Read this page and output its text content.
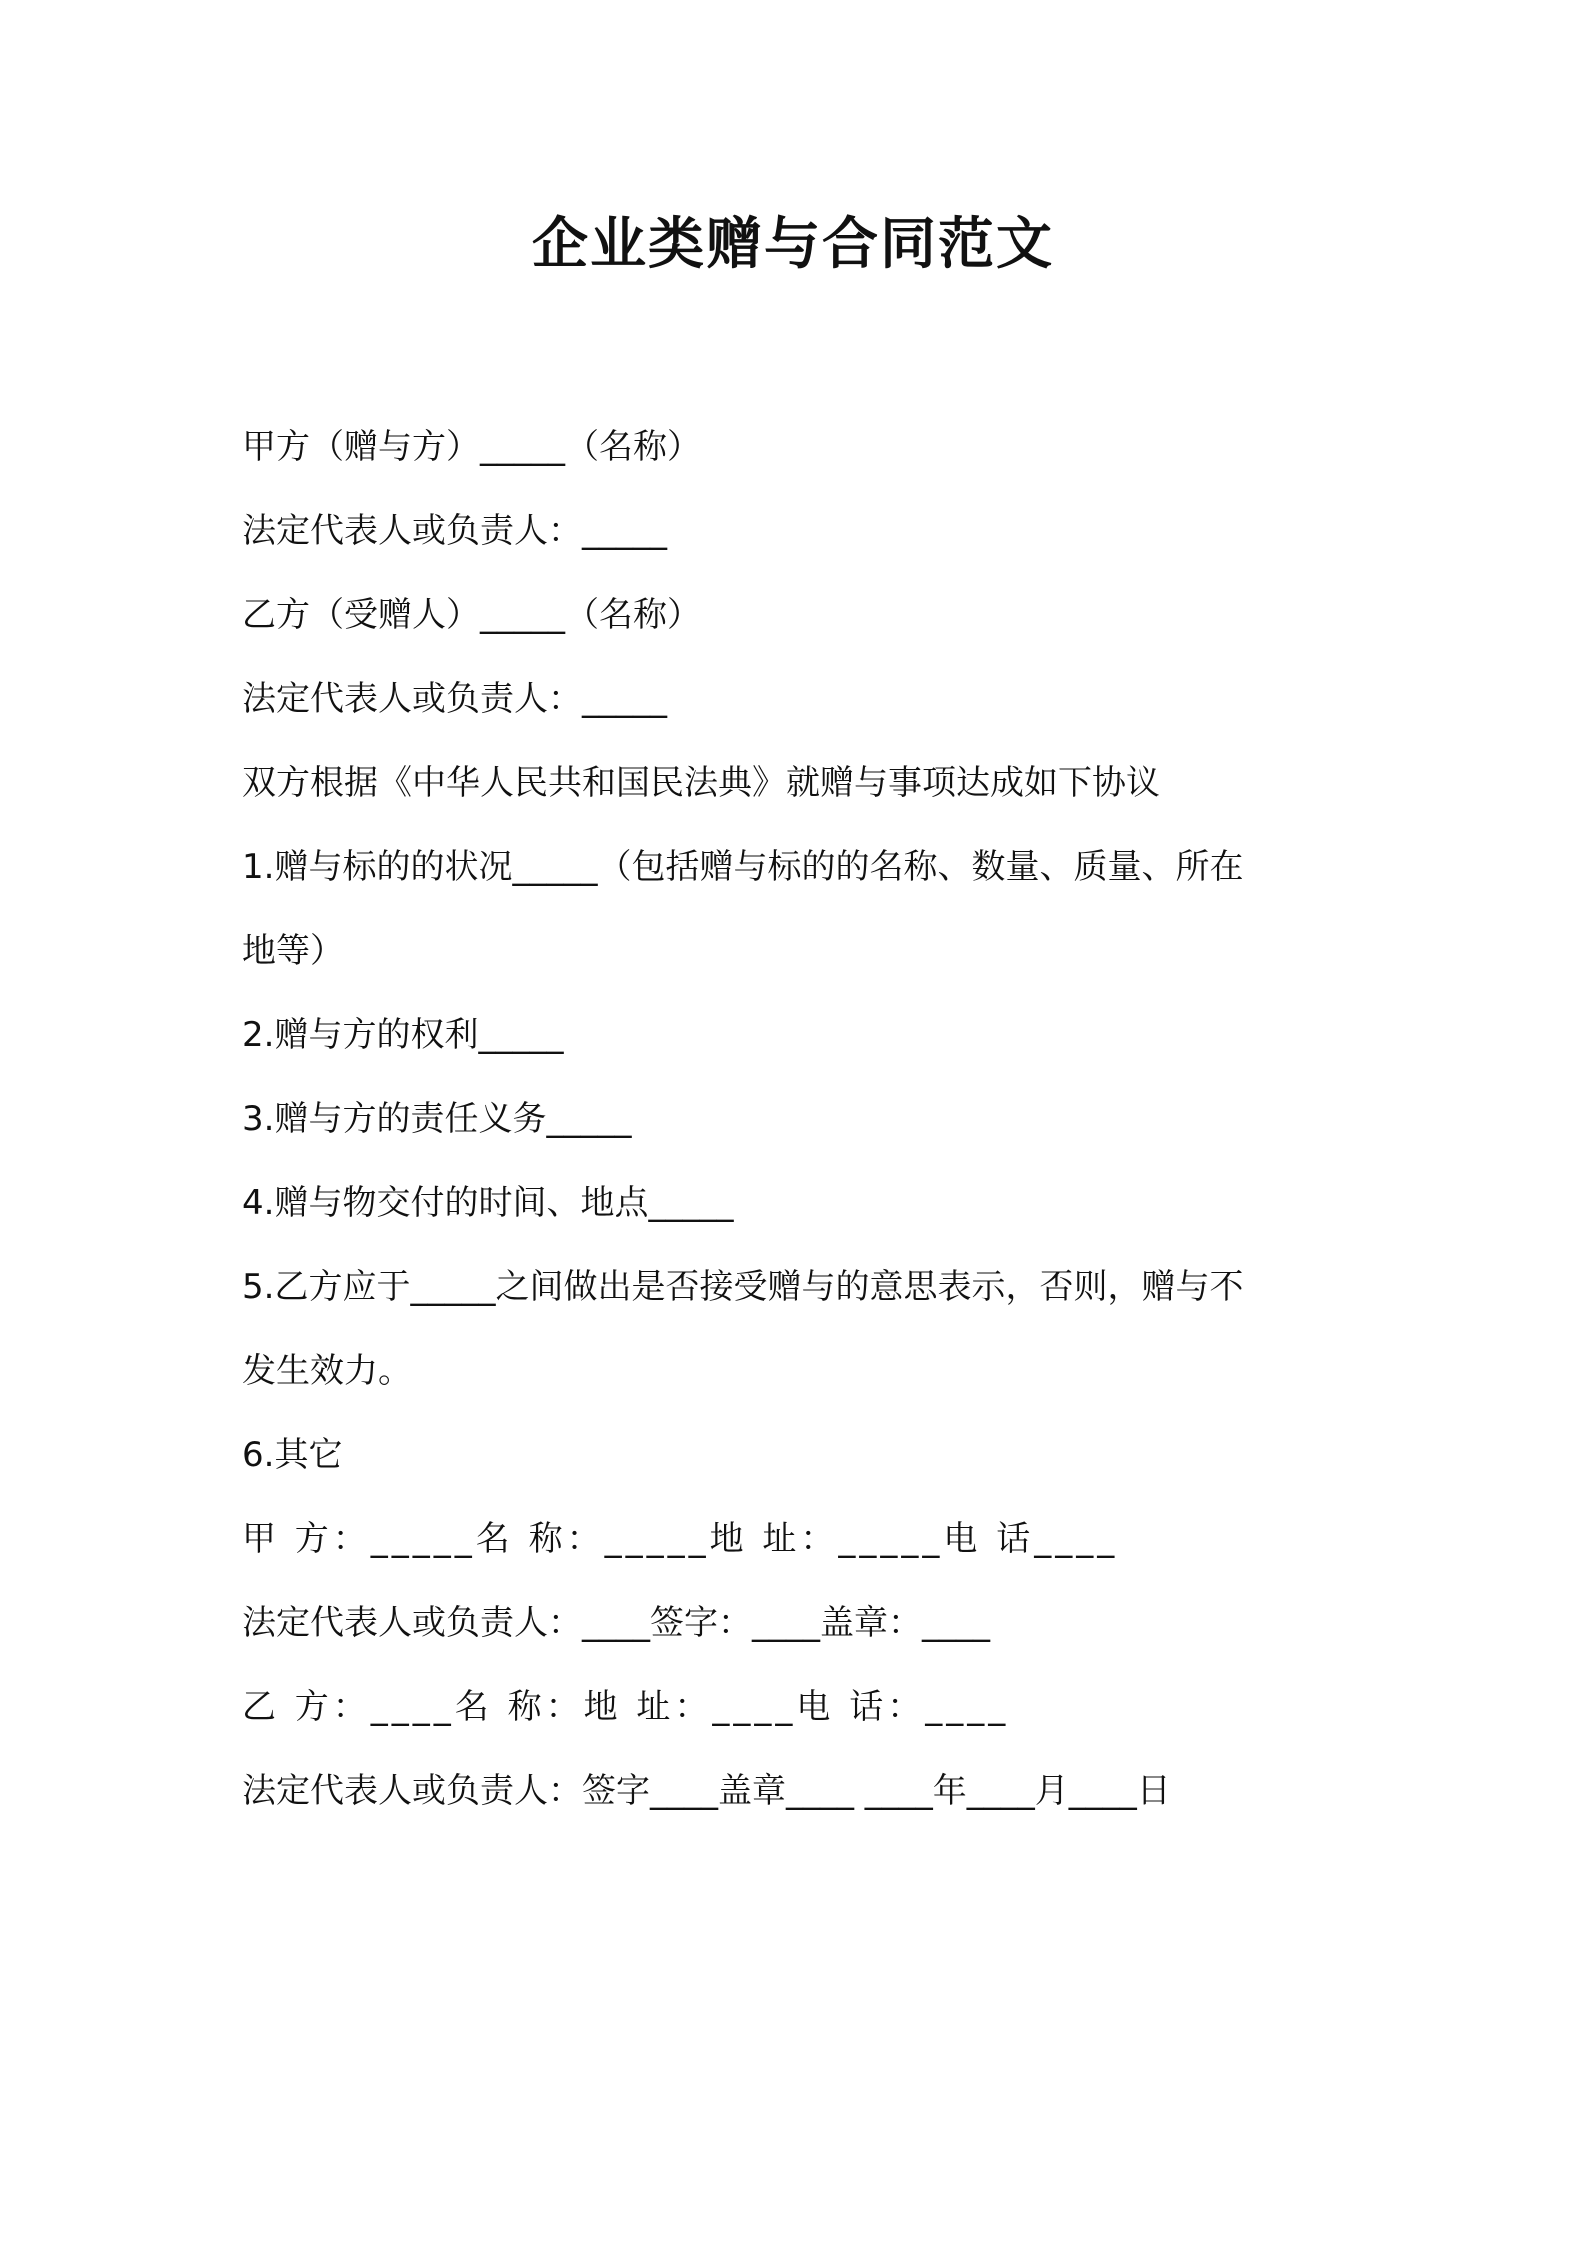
企业类赠与合同范文

甲方（赠与方）_____（名称）

法定代表人或负责人：_____

乙方（受赠人）_____（名称）

法定代表人或负责人：_____

双方根据《中华人民共和国民法典》就赠与事项达成如下协议

1.赠与标的的状况_____（包括赠与标的的名称、数量、质量、所在

地等）

2.赠与方的权利_____

3.赠与方的责任义务_____

4.赠与物交付的时间、地点_____

5.乙方应于_____之间做出是否接受赠与的意思表示，否则，赠与不

发生效力。

6.其它

甲 方：_____名 称：_____地 址：_____电 话____

法定代表人或负责人：____签字：____盖章：____

乙 方：____名 称：地 址：____电 话：____

法定代表人或负责人：签字____盖章____ ____年____月____日
